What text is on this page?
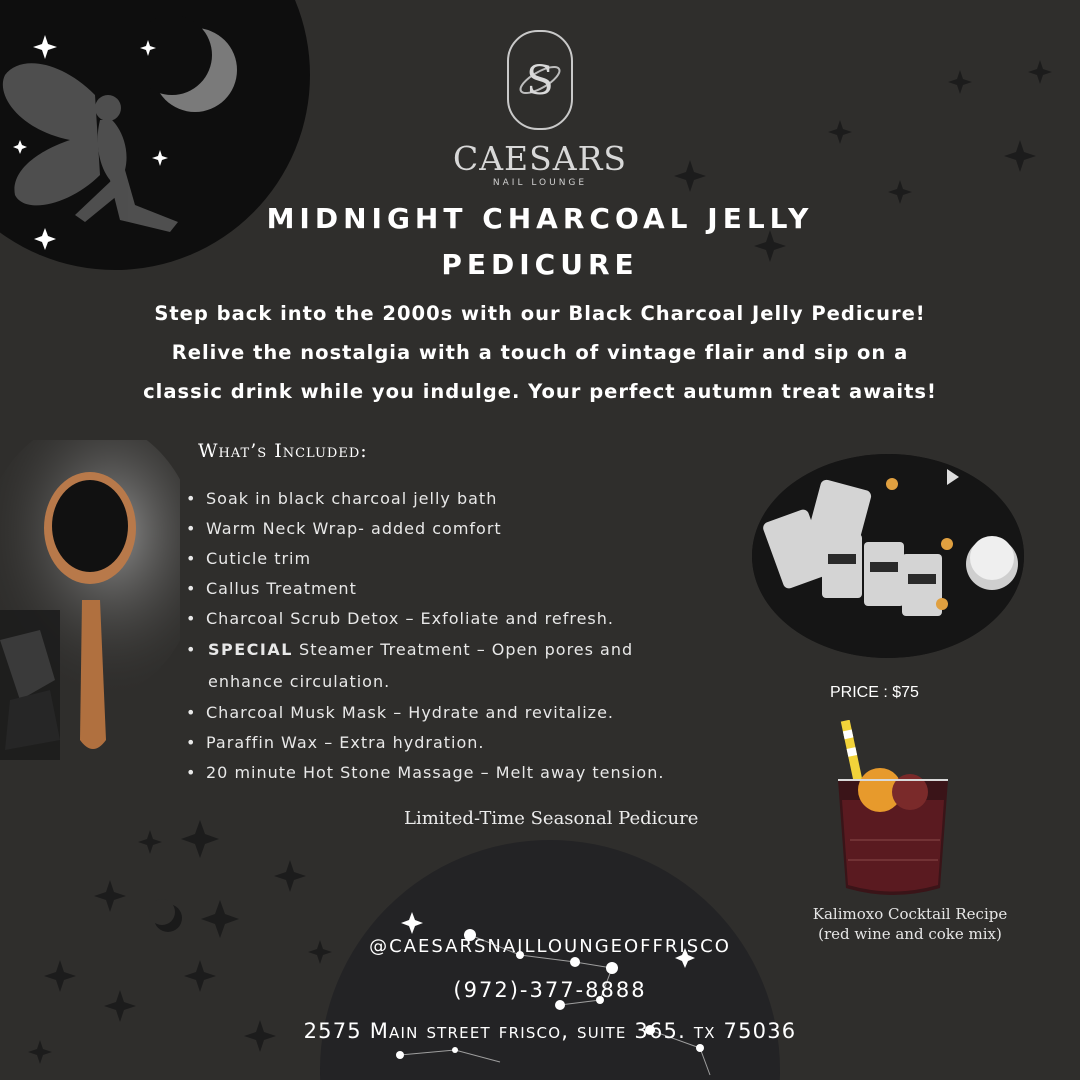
S
CAESARS
NAIL LOUNGE
MIDNIGHT CHARCOAL JELLY
PEDICURE
Step back into the 2000s with our Black Charcoal Jelly Pedicure!
Relive the nostalgia with a touch of vintage flair and sip on a
classic drink while you indulge. Your perfect autumn treat awaits!
What’s Included:
• Soak in black charcoal jelly bath
• Warm Neck Wrap- added comfort
• Cuticle trim
• Callus Treatment
• Charcoal Scrub Detox – Exfoliate and refresh.
• SPECIAL Steamer Treatment – Open pores and
enhance circulation.
• Charcoal Musk Mask – Hydrate and revitalize.
• Paraffin Wax – Extra hydration.
• 20 minute Hot Stone Massage – Melt away tension.
PRICE : $75
Kalimoxo Cocktail Recipe
(red wine and coke mix)
Limited-Time Seasonal Pedicure
@CAESARSNAILLOUNGEOFFRISCO
(972)-377-8888
2575 Main street frisco, suite 365. tx 75036
